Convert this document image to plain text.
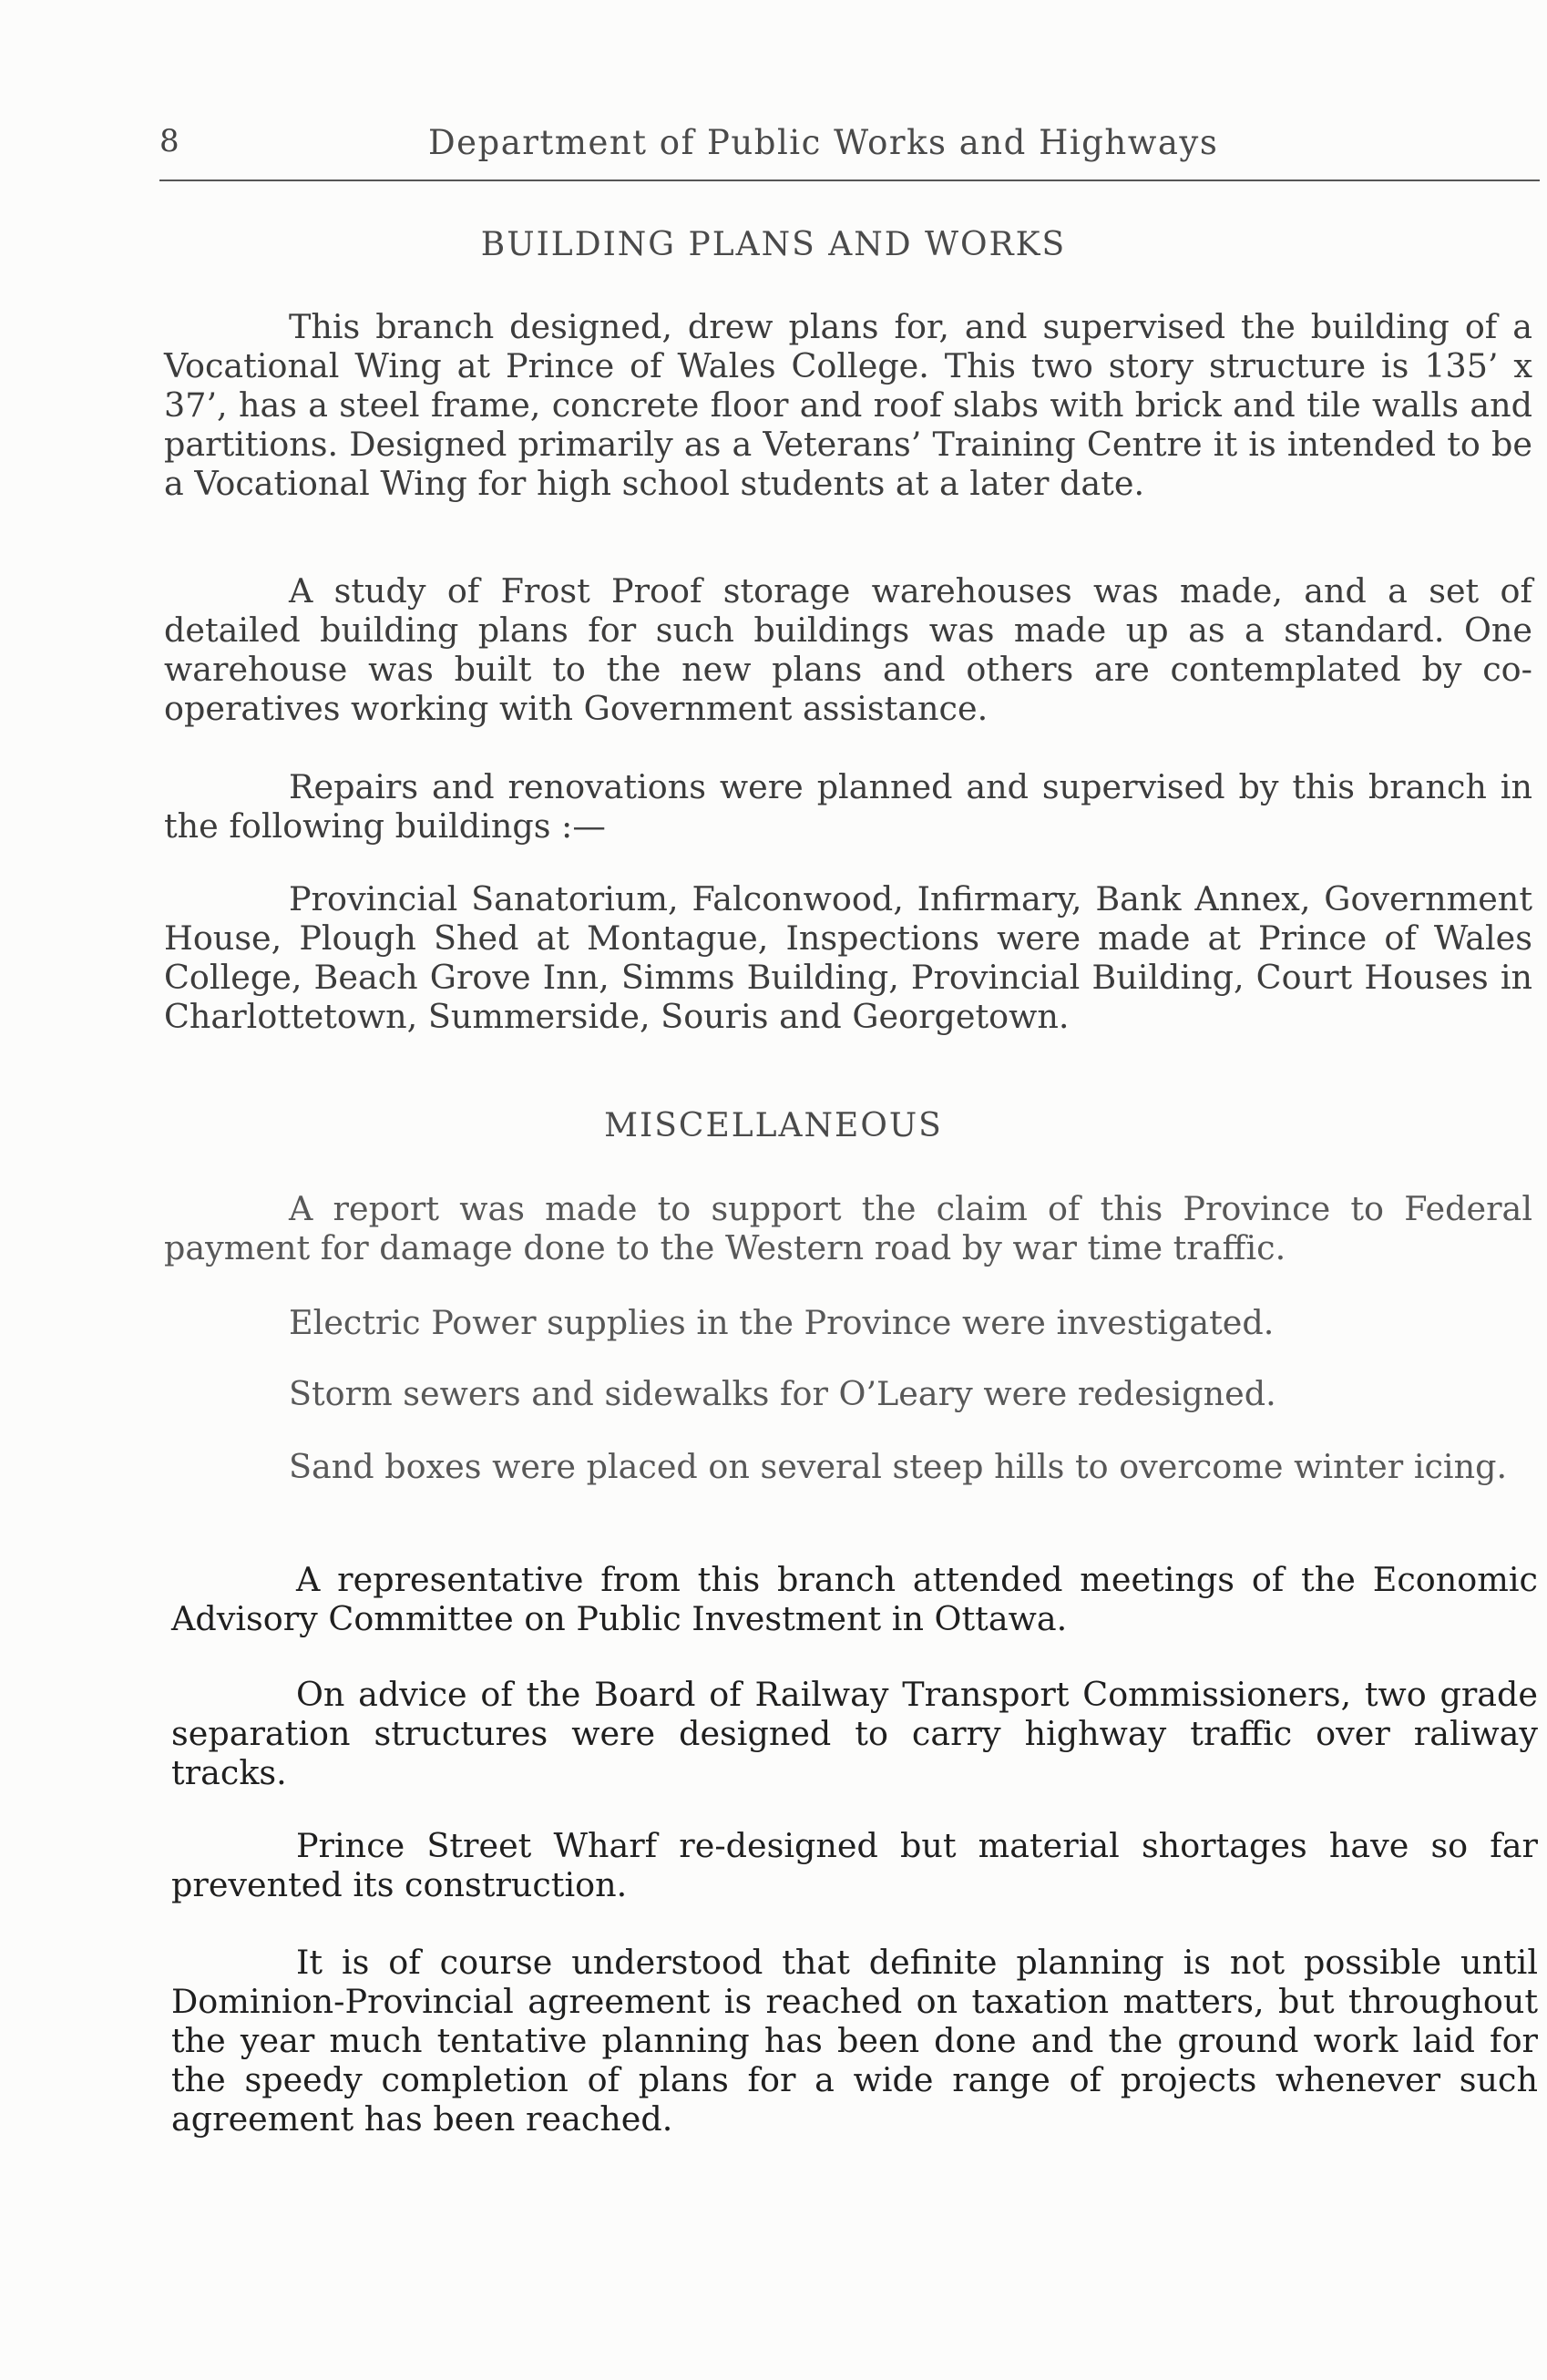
8	Department of Public Works and Highways
BUILDING PLANS AND WORKS

This branch designed, drew plans for, and supervised the building of a Vocational Wing at Prince of Wales College. This two story structure is 135’ x 37’, has a steel frame, concrete floor and roof slabs with brick and tile walls and partitions. Designed primarily as a Veterans’ Training Centre it is intended to be a Vocational Wing for high school students at a later date.

A study of Frost Proof storage warehouses was made, and a set of detailed building plans for such buildings was made up as a standard. One warehouse was built to the new plans and others are contemplated by co-operatives working with Government assistance.

Repairs and renovations were planned and supervised by this branch in the following buildings :—

Provincial Sanatorium, Falconwood, Infirmary, Bank Annex, Government House, Plough Shed at Montague, Inspections were made at Prince of Wales College, Beach Grove Inn, Simms Building, Provincial Building, Court Houses in Charlottetown, Summerside, Souris and Georgetown.

MISCELLANEOUS

A report was made to support the claim of this Province to Federal payment for damage done to the Western road by war time traffic.

Electric Power supplies in the Province were investigated.

Storm sewers and sidewalks for O’Leary were redesigned.

Sand boxes were placed on several steep hills to overcome winter icing.

A representative from this branch attended meetings of the Economic Advisory Committee on Public Investment in Ottawa.

On advice of the Board of Railway Transport Commissioners, two grade separation structures were designed to carry highway traffic over raliway tracks.

Prince Street Wharf re-designed but material shortages have so far prevented its construction.

It is of course understood that definite planning is not possible until Dominion-Provincial agreement is reached on taxation matters, but throughout the year much tentative planning has been done and the ground work laid for the speedy completion of plans for a wide range of projects whenever such agreement has been reached.
